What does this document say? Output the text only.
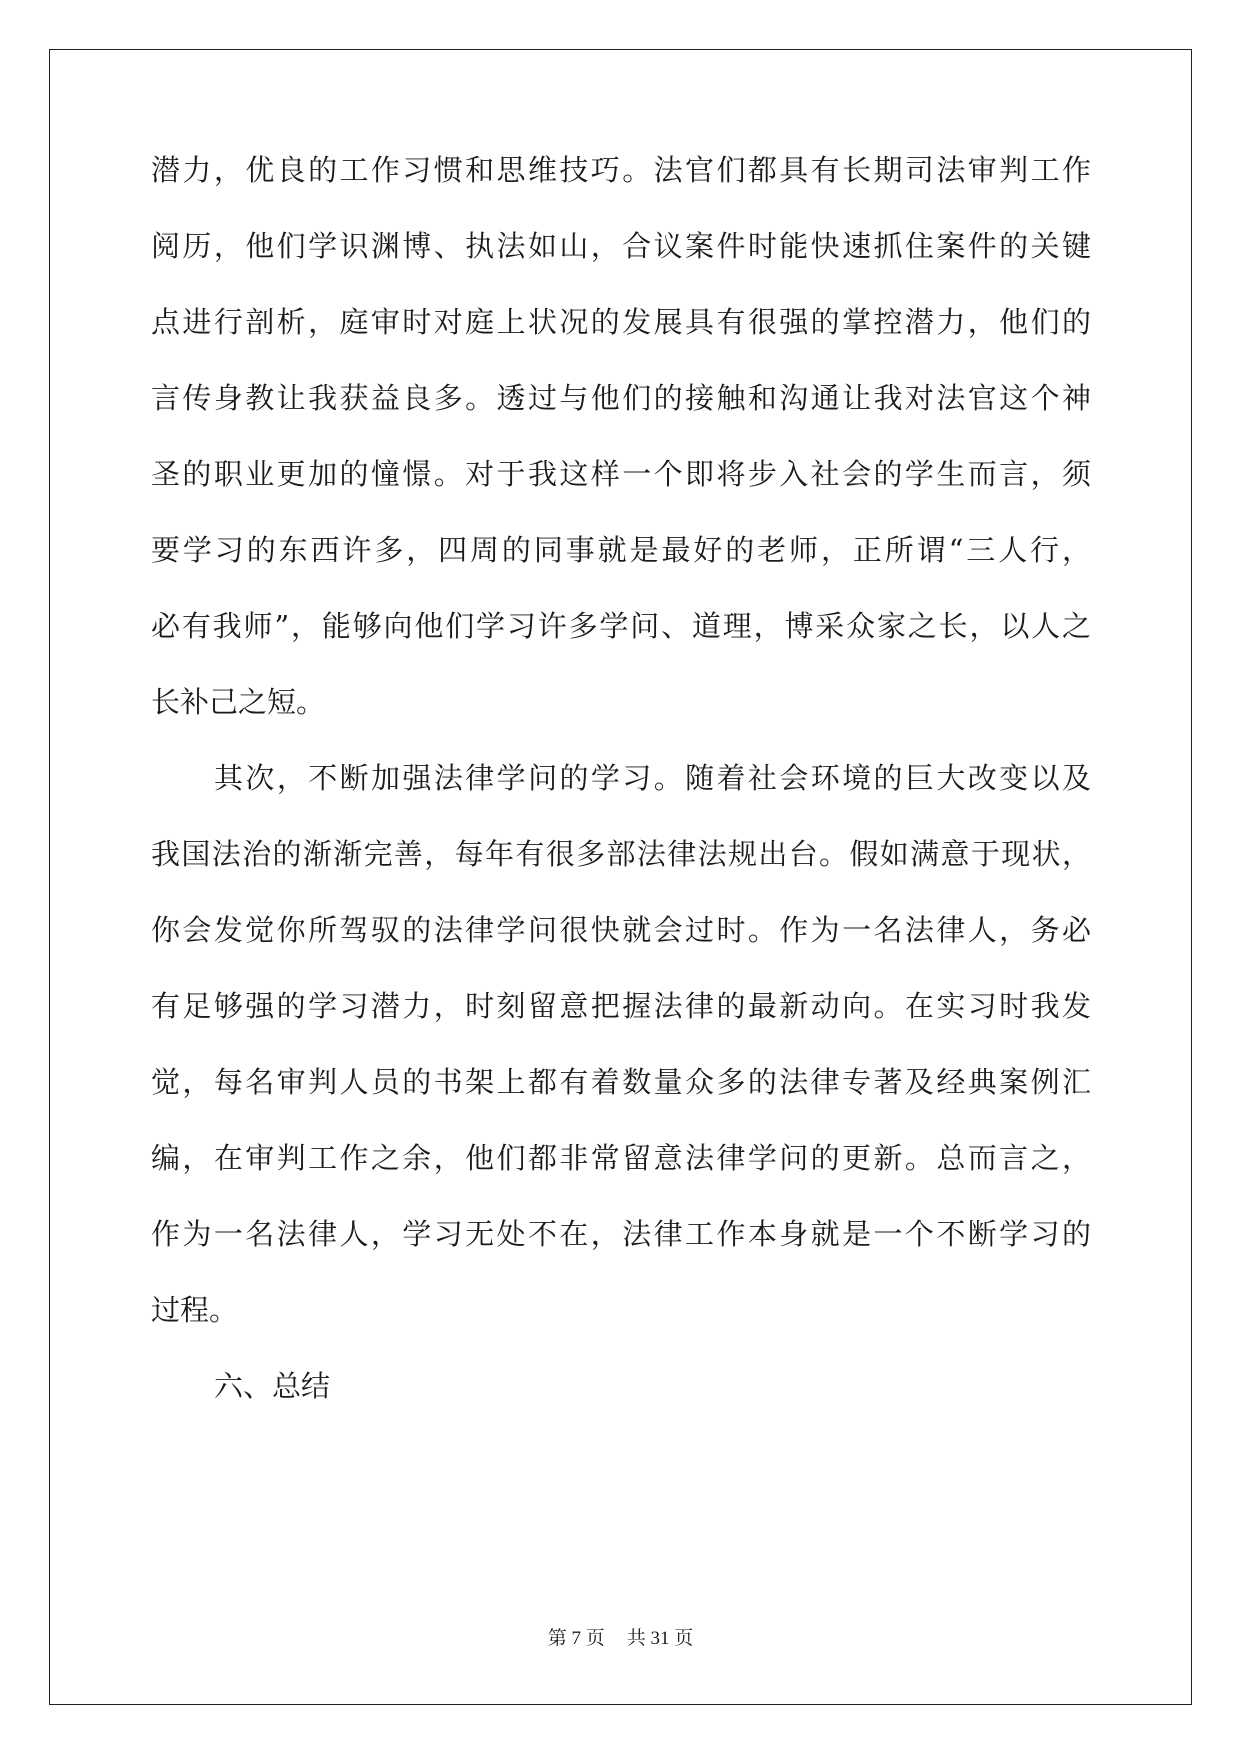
潜力，优良的工作习惯和思维技巧。法官们都具有长期司法审判工作

阅历，他们学识渊博、执法如山，合议案件时能快速抓住案件的关键

点进行剖析，庭审时对庭上状况的发展具有很强的掌控潜力，他们的

言传身教让我获益良多。透过与他们的接触和沟通让我对法官这个神

圣的职业更加的憧憬。对于我这样一个即将步入社会的学生而言，须

要学习的东西许多，四周的同事就是最好的老师，正所谓“三人行，

必有我师”，能够向他们学习许多学问、道理，博采众家之长，以人之

长补己之短。

其次，不断加强法律学问的学习。随着社会环境的巨大改变以及

我国法治的渐渐完善，每年有很多部法律法规出台。假如满意于现状，

你会发觉你所驾驭的法律学问很快就会过时。作为一名法律人，务必

有足够强的学习潜力，时刻留意把握法律的最新动向。在实习时我发

觉，每名审判人员的书架上都有着数量众多的法律专著及经典案例汇

编，在审判工作之余，他们都非常留意法律学问的更新。总而言之，

作为一名法律人，学习无处不在，法律工作本身就是一个不断学习的

过程。

六、总结

第 7 页 共 31 页
